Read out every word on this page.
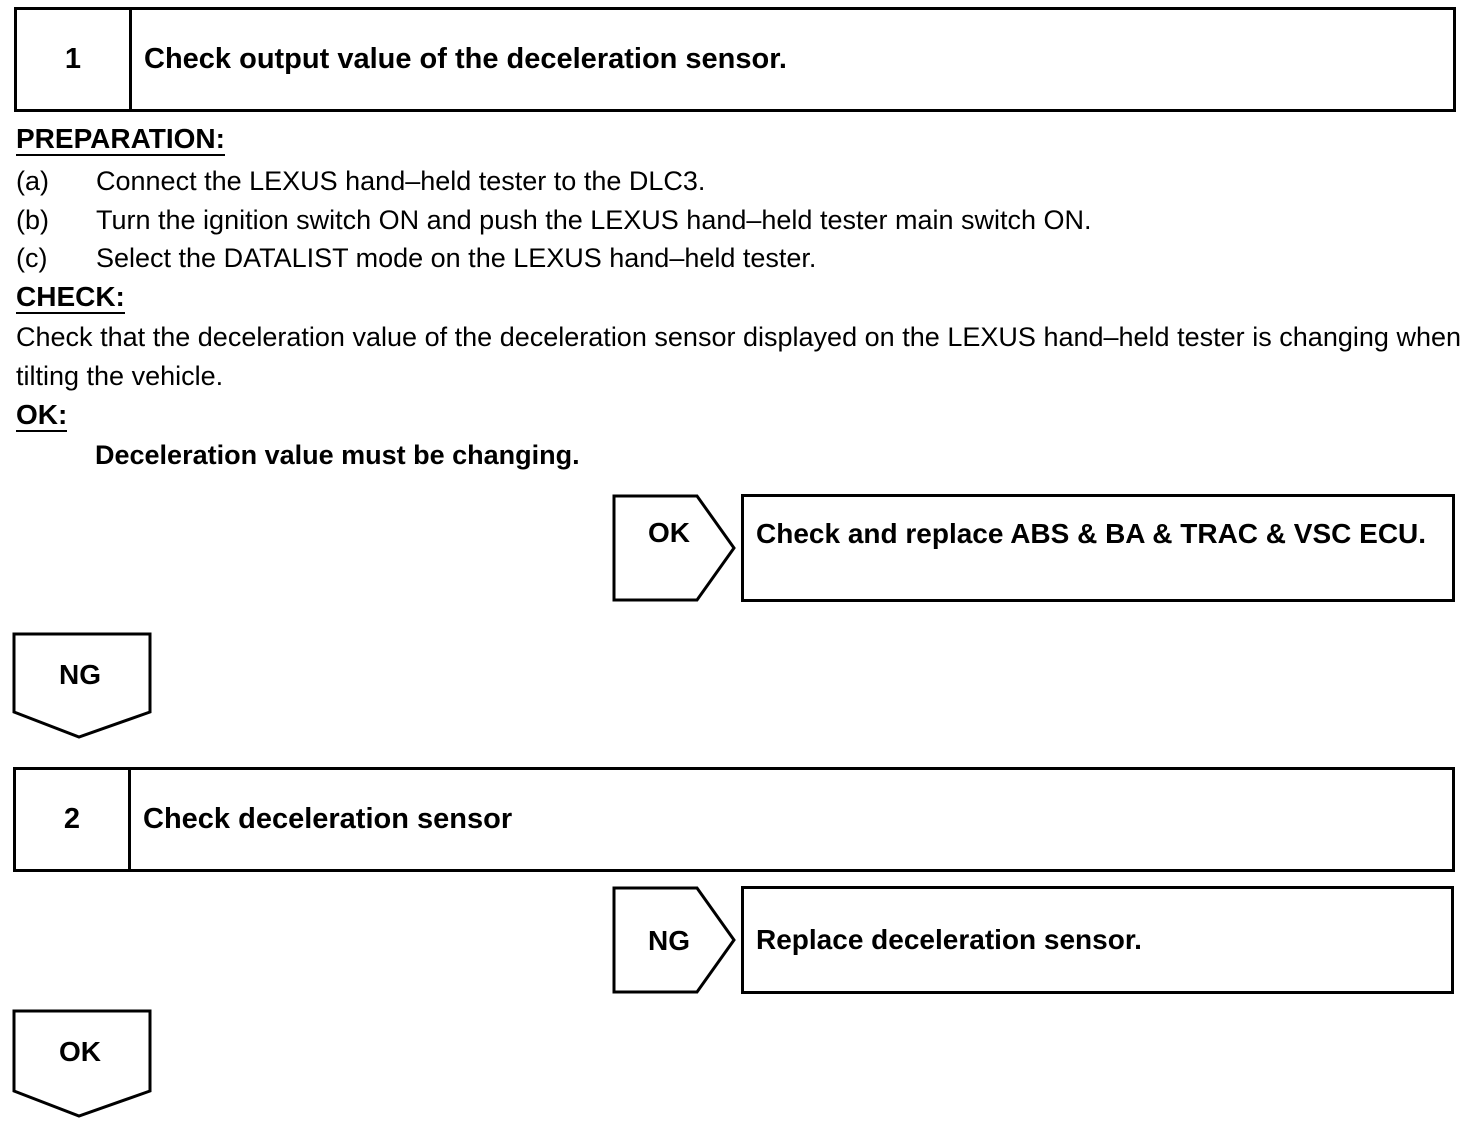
1	Check output value of the deceleration sensor.
PREPARATION:
(a) Connect the LEXUS hand–held tester to the DLC3.
(b) Turn the ignition switch ON and push the LEXUS hand–held tester main switch ON.
(c) Select the DATALIST mode on the LEXUS hand–held tester.
CHECK:
Check that the deceleration value of the deceleration sensor displayed on the LEXUS hand–held tester is changing when tilting the vehicle.
OK:
Deceleration value must be changing.
OK	Check and replace ABS & BA & TRAC & VSC ECU.
NG
2	Check deceleration sensor
NG Replace deceleration sensor.
OK
